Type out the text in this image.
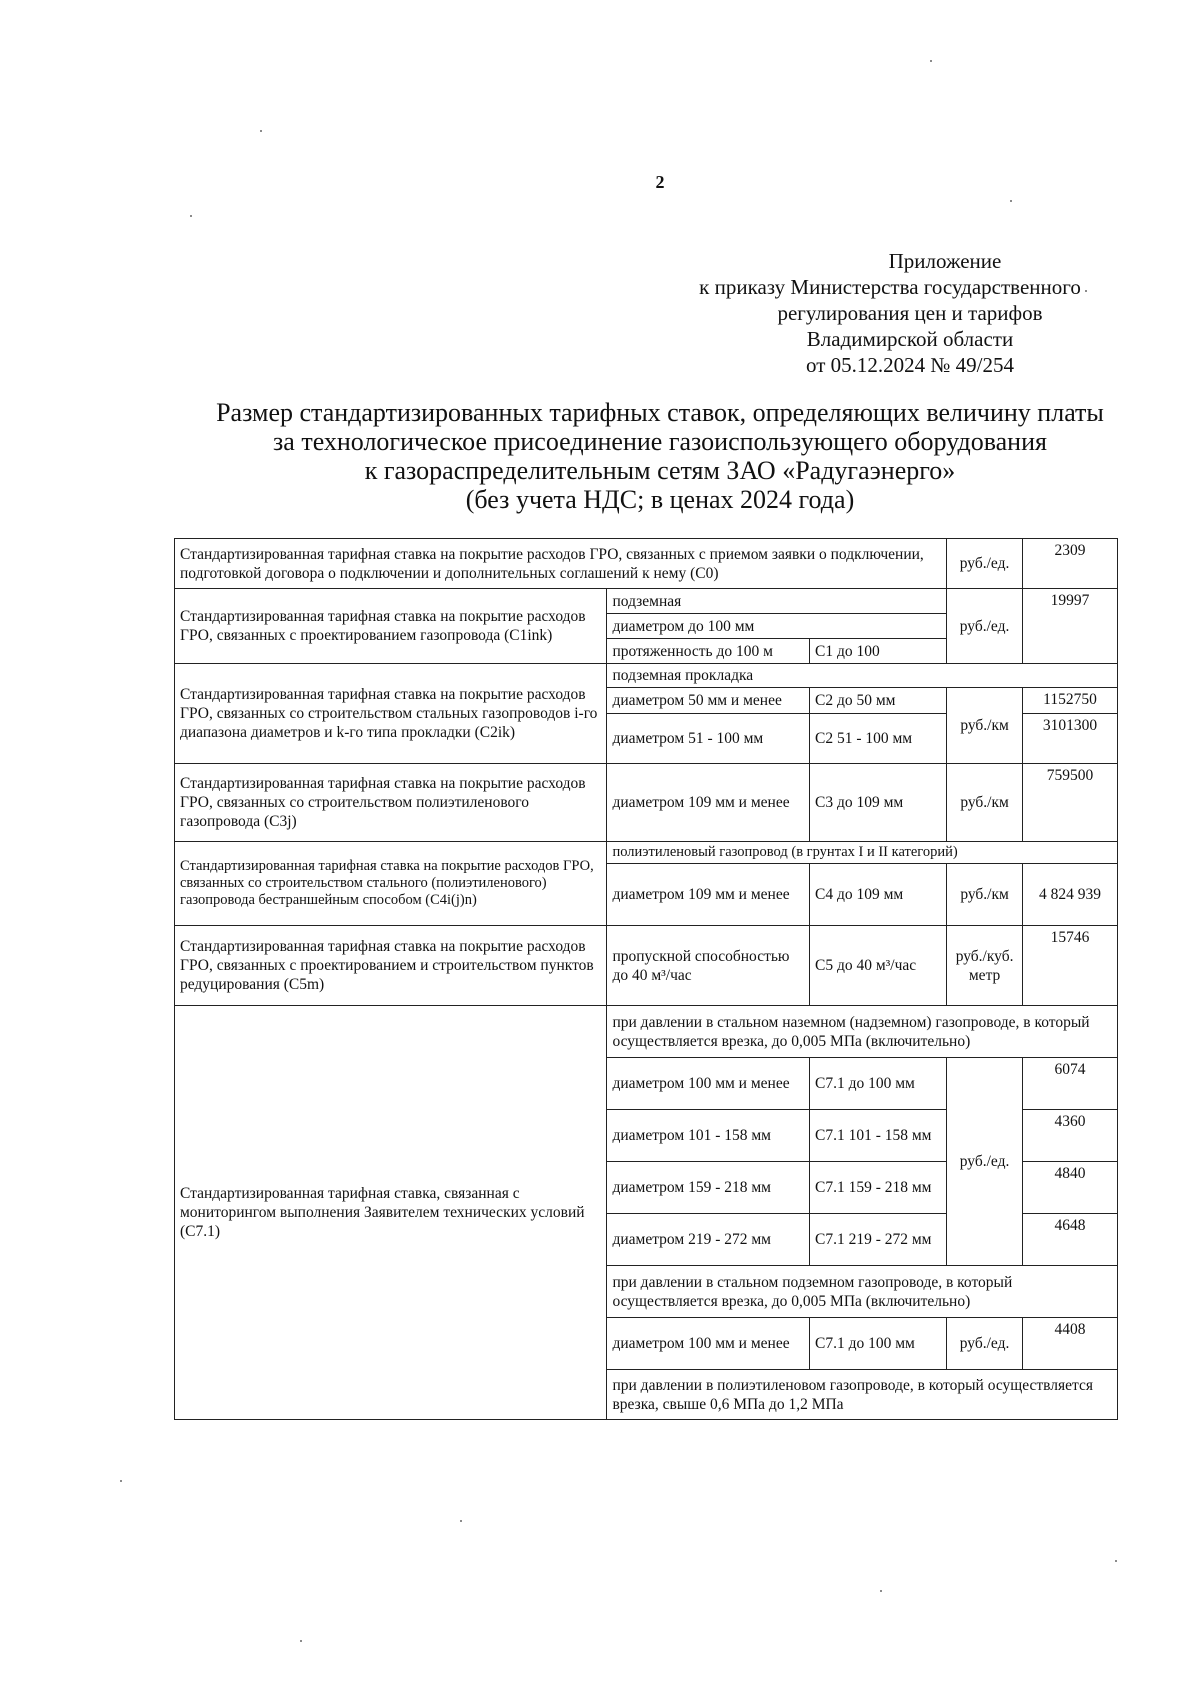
2
Приложение
к приказу Министерства государственного
регулирования цен и тарифов
Владимирской области
от 05.12.2024 № 49/254
Размер стандартизированных тарифных ставок, определяющих величину платы
за технологическое присоединение газоиспользующего оборудования
к газораспределительным сетям ЗАО «Радугаэнерго»
(без учета НДС; в ценах 2024 года)
Стандартизированная тарифная ставка на покрытие расходов ГРО, связанных с приемом заявки о подключении, подготовкой договора о подключении и дополнительных соглашений к нему (С0)			руб./ед.	2309
Стандартизированная тарифная ставка на покрытие расходов ГРО, связанных с проектированием газопровода (С1ink)	подземная		руб./ед.	19997
	диаметром до 100 мм			
	протяженность до 100 м	С1 до 100		
Стандартизированная тарифная ставка на покрытие расходов ГРО, связанных со строительством стальных газопроводов i-го диапазона диаметров и k-го типа прокладки (С2ik)	подземная прокладка			
	диаметром 50 мм и менее	С2 до 50 мм	руб./км	1152750
	диаметром 51 - 100 мм	С2 51 - 100 мм		3101300
Стандартизированная тарифная ставка на покрытие расходов ГРО, связанных со строительством полиэтиленового газопровода (С3j)	диаметром 109 мм и менее	С3 до 109 мм	руб./км	759500
Стандартизированная тарифная ставка на покрытие расходов ГРО, связанных со строительством стального (полиэтиленового) газопровода бестраншейным способом (С4i(j)n)	полиэтиленовый газопровод (в грунтах I и II категорий)			
	диаметром 109 мм и менее	С4 до 109 мм	руб./км	4 824 939
Стандартизированная тарифная ставка на покрытие расходов ГРО, связанных с проектированием и строительством пунктов редуцирования (С5m)	пропускной способностью до 40 м³/час	С5 до 40 м³/час	руб./куб. метр	15746
Стандартизированная тарифная ставка, связанная с мониторингом выполнения Заявителем технических условий (С7.1)	при давлении в стальном наземном (надземном) газопроводе, в который осуществляется врезка, до 0,005 МПа (включительно)			
	диаметром 100 мм и менее	С7.1 до 100 мм	руб./ед.	6074
	диаметром 101 - 158 мм	С7.1 101 - 158 мм		4360
	диаметром 159 - 218 мм	С7.1 159 - 218 мм		4840
	диаметром 219 - 272 мм	С7.1 219 - 272 мм		4648
	при давлении в стальном подземном газопроводе, в который осуществляется врезка, до 0,005 МПа (включительно)			
	диаметром 100 мм и менее	С7.1 до 100 мм	руб./ед.	4408
	при давлении в полиэтиленовом газопроводе, в который осуществляется врезка, свыше 0,6 МПа до 1,2 МПа			
